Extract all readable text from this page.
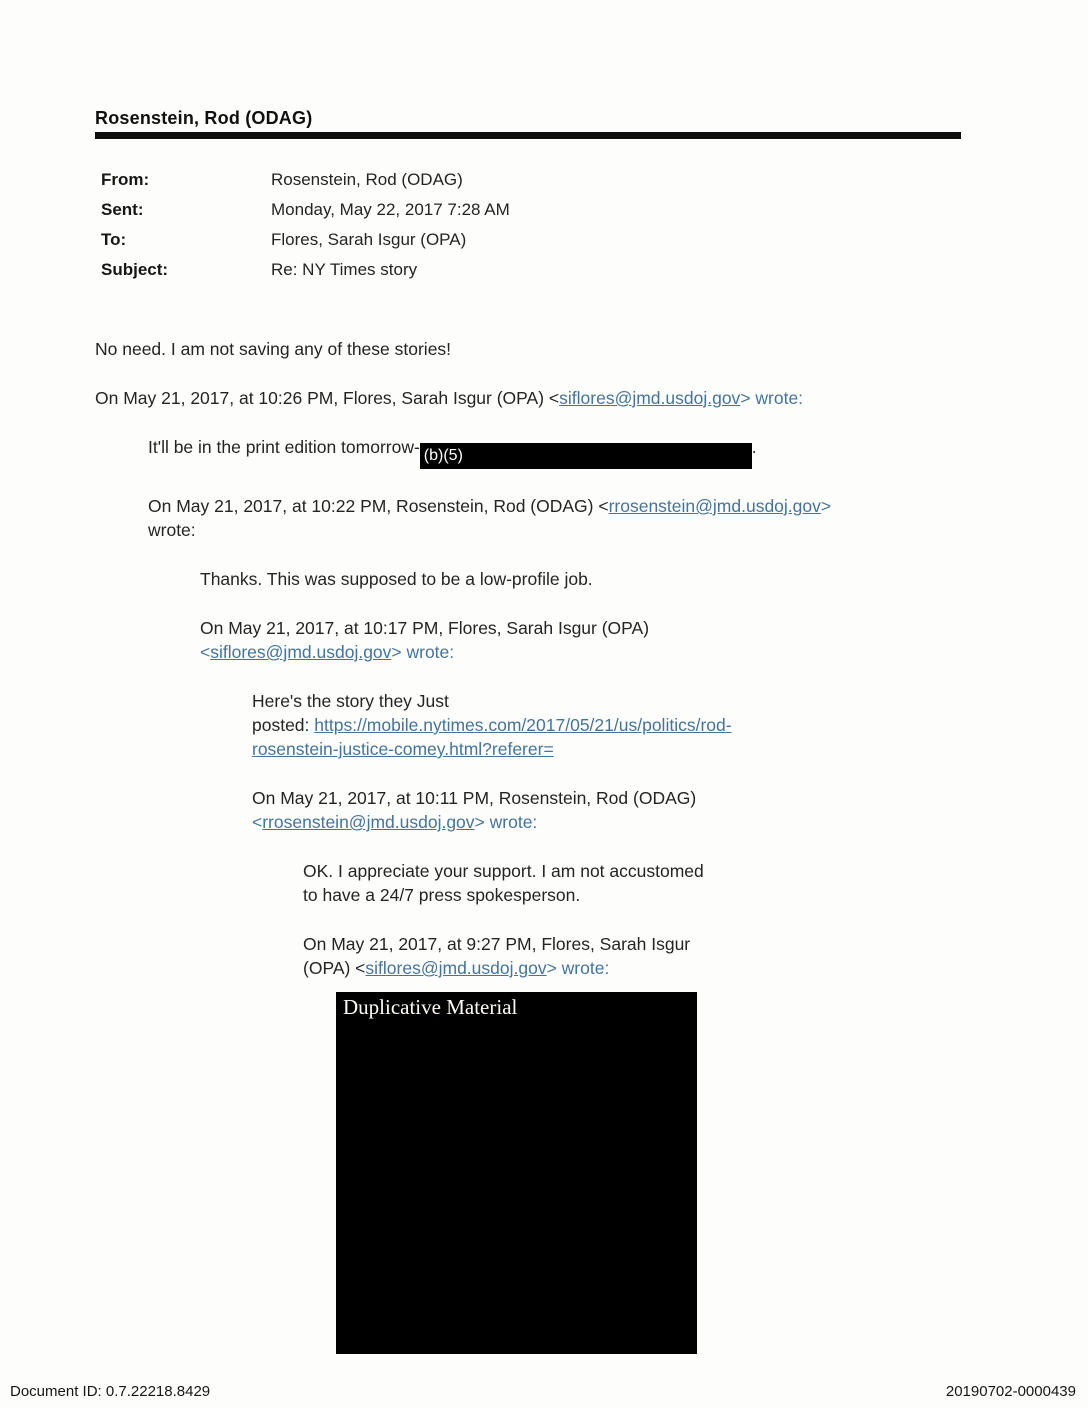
Rosenstein, Rod (ODAG)
From:	Rosenstein, Rod (ODAG)
Sent:	Monday, May 22, 2017 7:28 AM
To:	Flores, Sarah Isgur (OPA)
Subject:	Re: NY Times story
No need. I am not saving any of these stories!
On May 21, 2017, at 10:26 PM, Flores, Sarah Isgur (OPA) <siflores@jmd.usdoj.gov> wrote:
It'll be in the print edition tomorrow- (b)(5)	.
On May 21, 2017, at 10:22 PM, Rosenstein, Rod (ODAG) <rrosenstein@jmd.usdoj.gov>
wrote:
Thanks. This was supposed to be a low-profile job.
On May 21, 2017, at 10:17 PM, Flores, Sarah Isgur (OPA)
<siflores@jmd.usdoj.gov> wrote:
Here's the story they Just
posted: https://mobile.nytimes.com/2017/05/21/us/politics/rod-
rosenstein-justice-comey.html?referer=
On May 21, 2017, at 10:11 PM, Rosenstein, Rod (ODAG)
<rrosenstein@jmd.usdoj.gov> wrote:
OK. I appreciate your support. I am not accustomed
to have a 24/7 press spokesperson.
On May 21, 2017, at 9:27 PM, Flores, Sarah Isgur
(OPA) <siflores@jmd.usdoj.gov> wrote:
Duplicative Material
Document ID: 0.7.22218.8429	20190702-0000439
